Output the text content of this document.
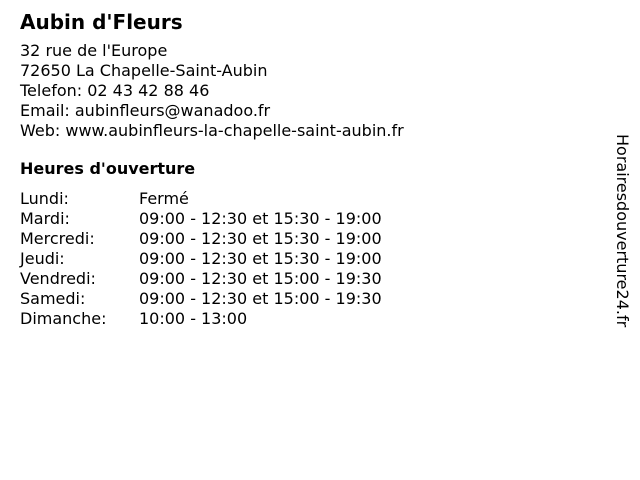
Aubin d'Fleurs
32 rue de l'Europe
72650 La Chapelle-Saint-Aubin
Telefon: 02 43 42 88 46
Email: aubinfleurs@wanadoo.fr
Web: www.aubinfleurs-la-chapelle-saint-aubin.fr
Heures d'ouverture
Lundi:	Fermé
Mardi:	09:00 - 12:30 et 15:30 - 19:00
Mercredi:	09:00 - 12:30 et 15:30 - 19:00
Jeudi:	09:00 - 12:30 et 15:30 - 19:00
Vendredi:	09:00 - 12:30 et 15:00 - 19:30
Samedi:	09:00 - 12:30 et 15:00 - 19:30
Dimanche:	10:00 - 13:00	Horairesdouverture24.fr
